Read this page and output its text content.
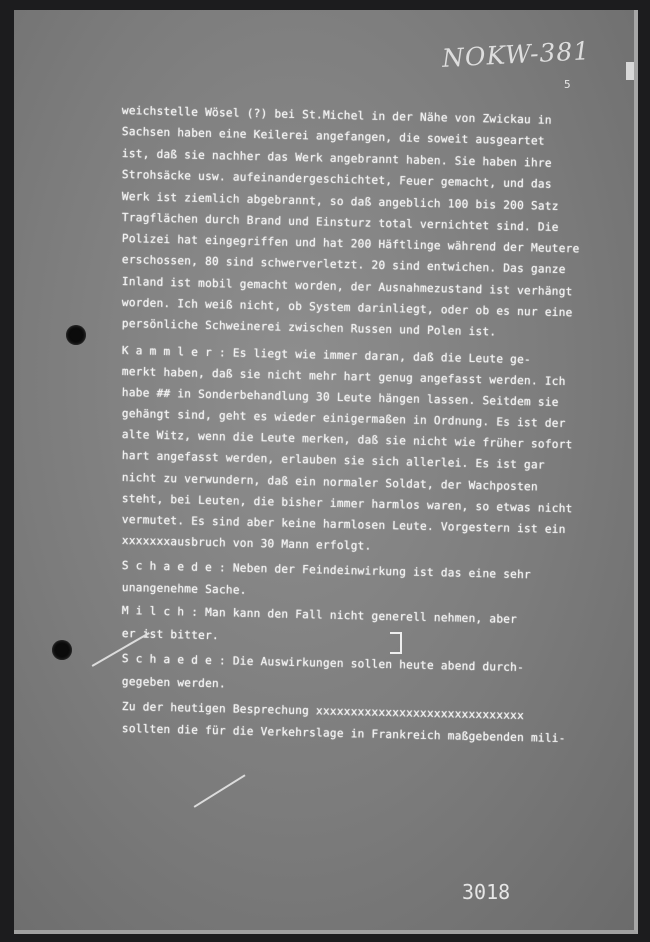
NOKW-381
5
weichstelle Wösel (?) bei St.Michel in der Nähe von Zwickau in
Sachsen haben eine Keilerei angefangen, die soweit ausgeartet
ist, daß sie nachher das Werk angebrannt haben. Sie haben ihre
Strohsäcke usw. aufeinandergeschichtet, Feuer gemacht, und das
Werk ist ziemlich abgebrannt, so daß angeblich 100 bis 200 Satz
Tragflächen durch Brand und Einsturz total vernichtet sind. Die
Polizei hat eingegriffen und hat 200 Häftlinge während der Meutere
erschossen, 80 sind schwerverletzt. 20 sind entwichen. Das ganze
Inland ist mobil gemacht worden, der Ausnahmezustand ist verhängt
worden. Ich weiß nicht, ob System darinliegt, oder ob es nur eine
persönliche Schweinerei zwischen Russen und Polen ist.
K a m m l e r : Es liegt wie immer daran, daß die Leute ge-
merkt haben, daß sie nicht mehr hart genug angefasst werden. Ich
habe ## in Sonderbehandlung 30 Leute hängen lassen. Seitdem sie
gehängt sind, geht es wieder einigermaßen in Ordnung. Es ist der
alte Witz, wenn die Leute merken, daß sie nicht wie früher sofort
hart angefasst werden, erlauben sie sich allerlei. Es ist gar
nicht zu verwundern, daß ein normaler Soldat, der Wachposten
steht, bei Leuten, die bisher immer harmlos waren, so etwas nicht
vermutet. Es sind aber keine harmlosen Leute. Vorgestern ist ein
xxxxxxxausbruch von 30 Mann erfolgt.
S c h a e d e : Neben der Feindeinwirkung ist das eine sehr
unangenehme Sache.
M i l c h : Man kann den Fall nicht generell nehmen, aber
er ist bitter.
S c h a e d e : Die Auswirkungen sollen heute abend durch-
gegeben werden.
Zu der heutigen Besprechung xxxxxxxxxxxxxxxxxxxxxxxxxxxxxx
sollten die für die Verkehrslage in Frankreich maßgebenden mili-
3018
